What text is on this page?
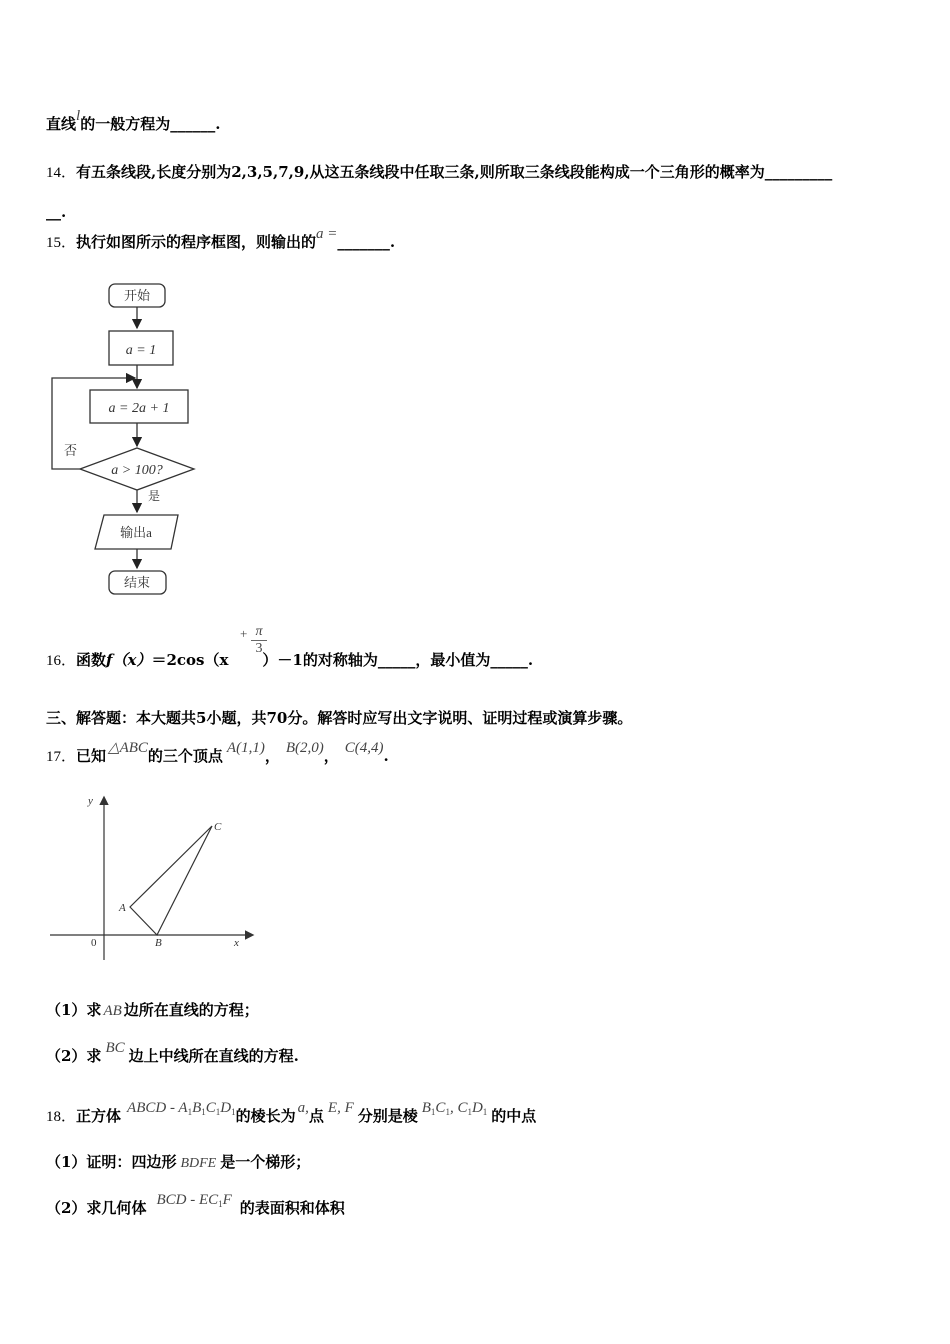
直线l的一般方程为______.
14．有五条线段,长度分别为2,3,5,7,9,从这五条线段中任取三条,则所取三条线段能构成一个三角形的概率为_________
__.
15．执行如图所示的程序框图，则输出的a =_______.
开始
a = 1
a = 2a + 1
a > 100?
否
是
输出a
结束
+ $\frac{\pi}{3}$
16．函数f（x）＝2cos（x ）－1的对称轴为_____，最小值为_____.
三、解答题：本大题共5小题，共70分。解答时应写出文字说明、证明过程或演算步骤。
17．已知 △ABC的三个顶点 A(1,1)， B(2,0)， C(4,4).
y
x
0
A
B
C
（1）求 AB 边所在直线的方程；
（2）求 BC 边上中线所在直线的方程.
18．正方体 ABCD - $A_1B_1C_1D_1$的棱长为 a,点 E, F 分别是棱 $B_1C_1$, $C_1D_1$ 的中点
（1）证明：四边形 BDFE 是一个梯形；
（2）求几何体 BCD - $EC_1F$ 的表面积和体积
